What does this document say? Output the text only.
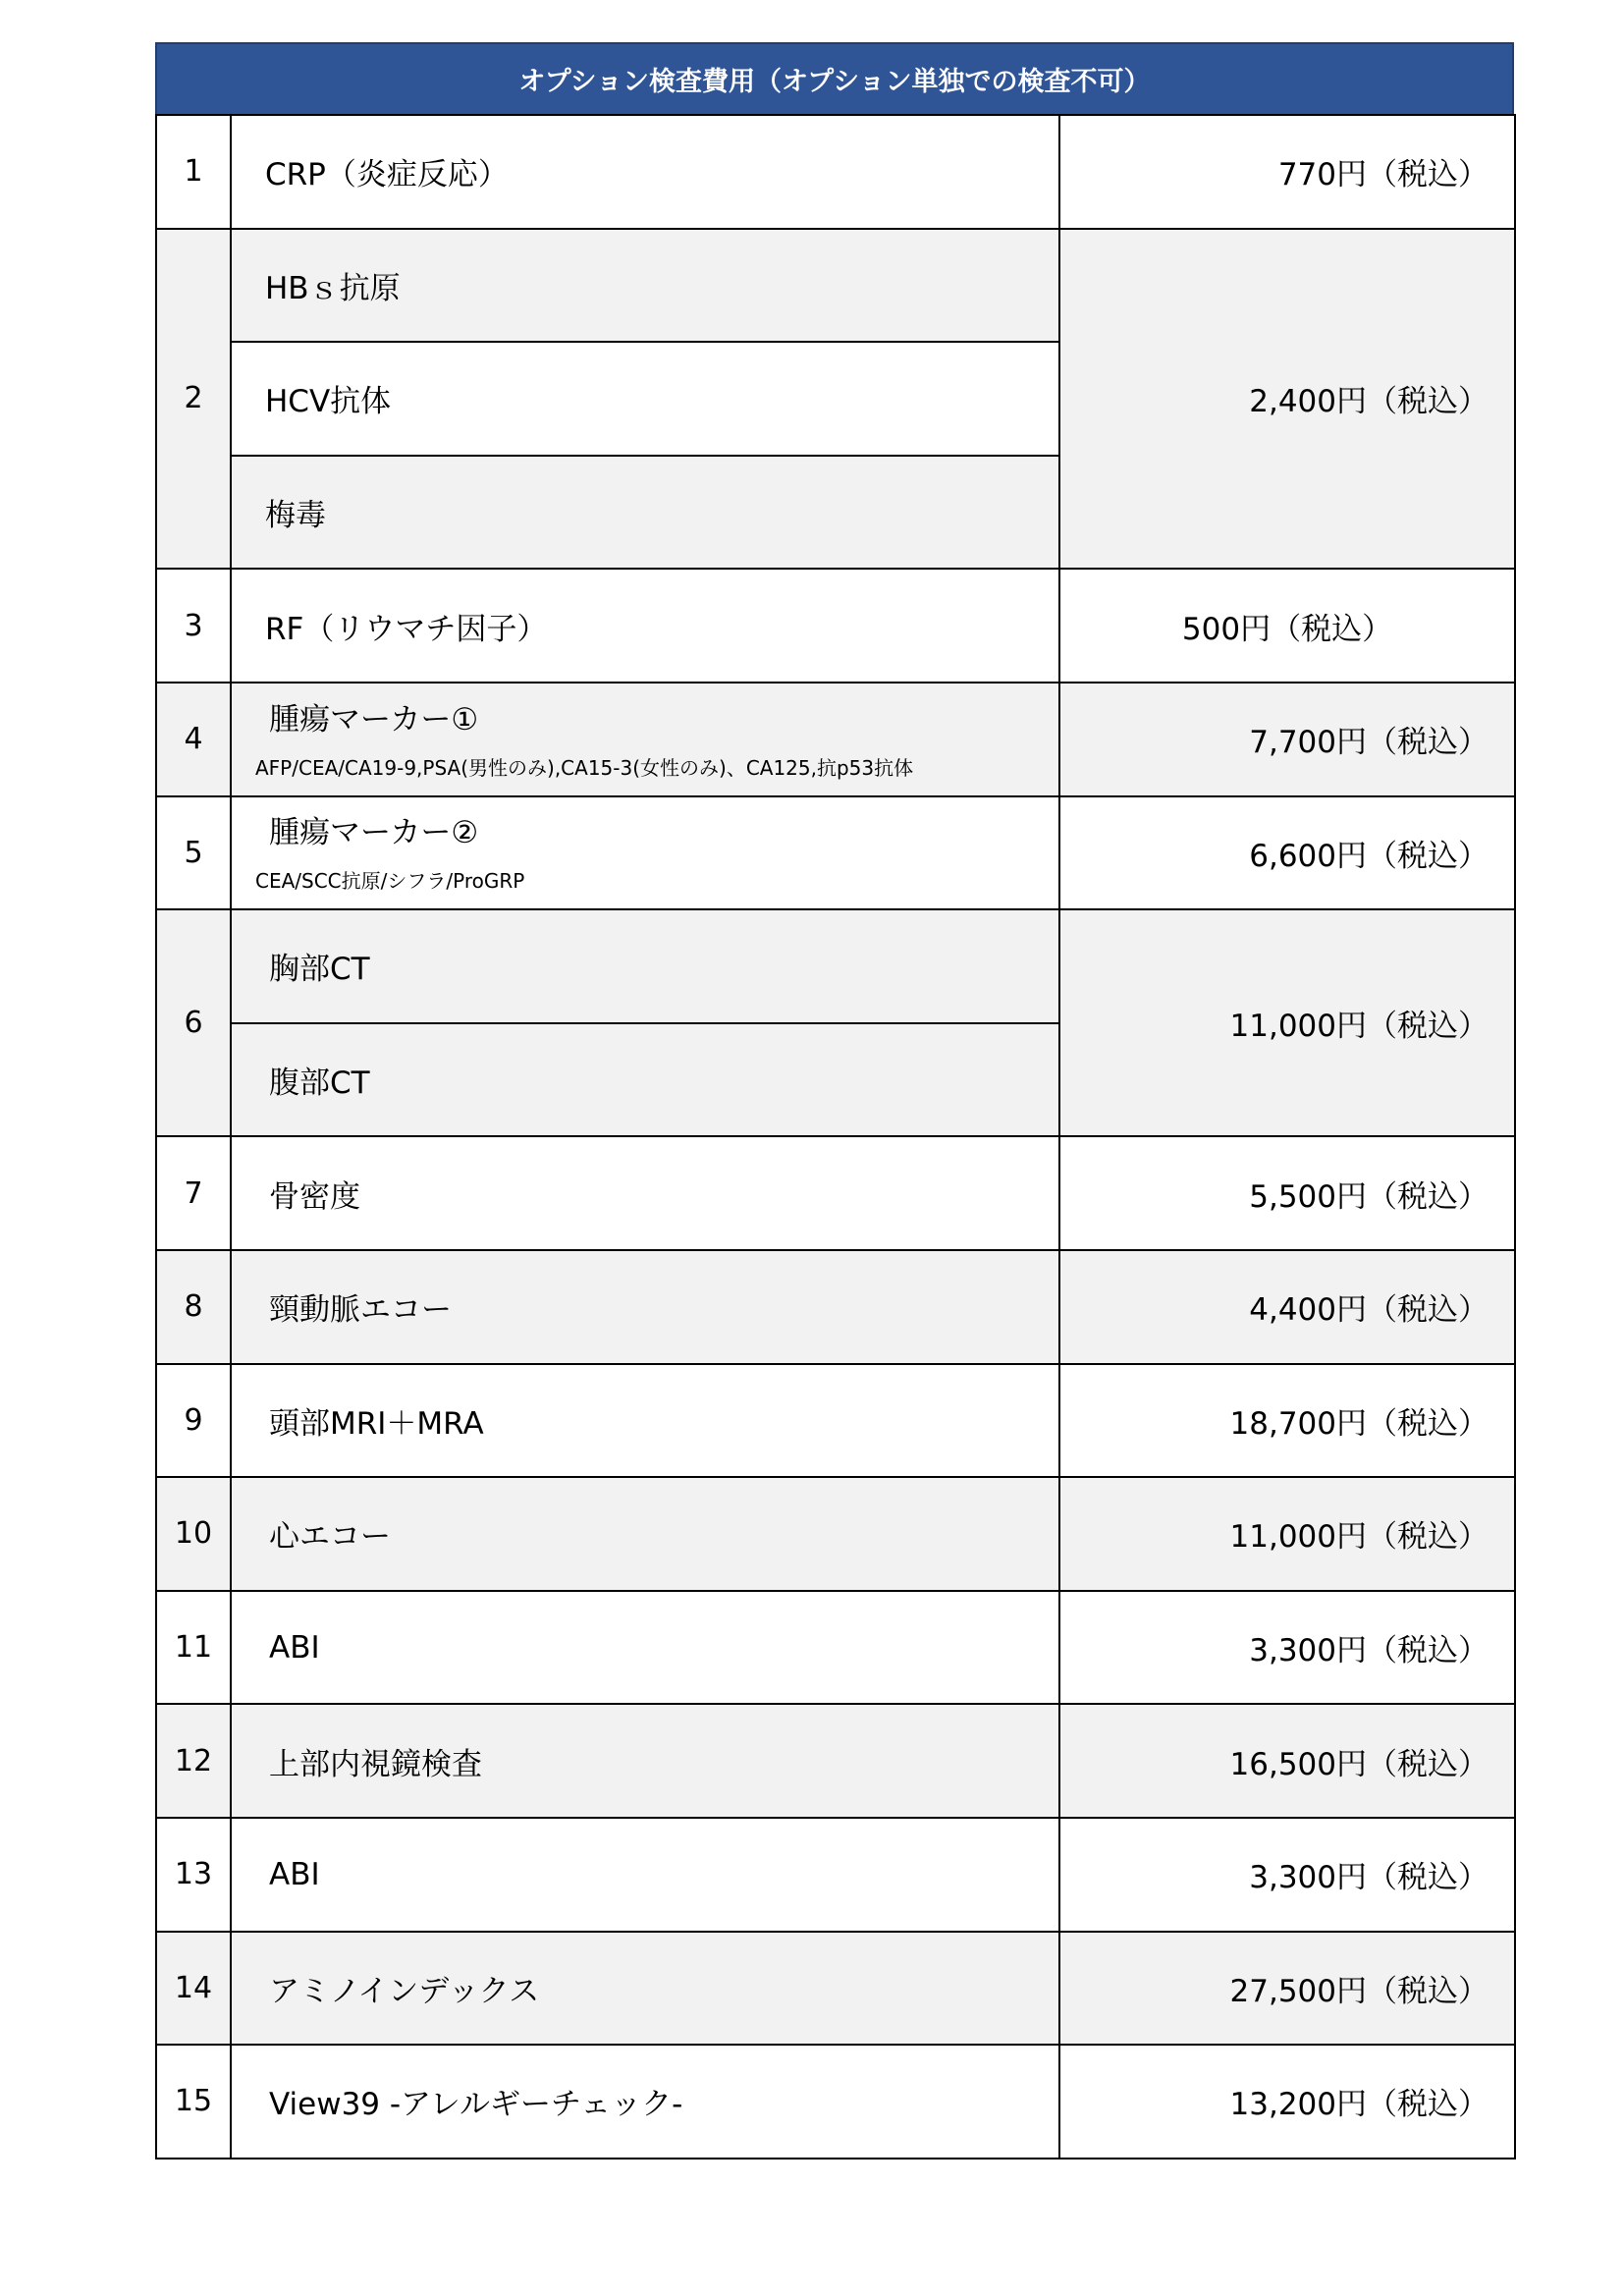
オプション検査費用（オプション単独での検査不可）
1	CRP（炎症反応）	770円（税込）
2	HBｓ抗原	2,400円（税込）
	HCV抗体	
	梅毒	
3	RF（リウマチ因子）	500円（税込）
4	腫瘍マーカー①
AFP/CEA/CA19-9,PSA(男性のみ),CA15-3(女性のみ)、CA125,抗p53抗体	7,700円（税込）
5	腫瘍マーカー②
CEA/SCC抗原/シフラ/ProGRP	6,600円（税込）
6	胸部CT	11,000円（税込）
	腹部CT	
7	骨密度	5,500円（税込）
8	頸動脈エコー	4,400円（税込）
9	頭部MRI＋MRA	18,700円（税込）
10	心エコー	11,000円（税込）
11	ABI	3,300円（税込）
12	上部内視鏡検査	16,500円（税込）
13	ABI	3,300円（税込）
14	アミノインデックス	27,500円（税込）
15	View39 -アレルギーチェック-	13,200円（税込）
